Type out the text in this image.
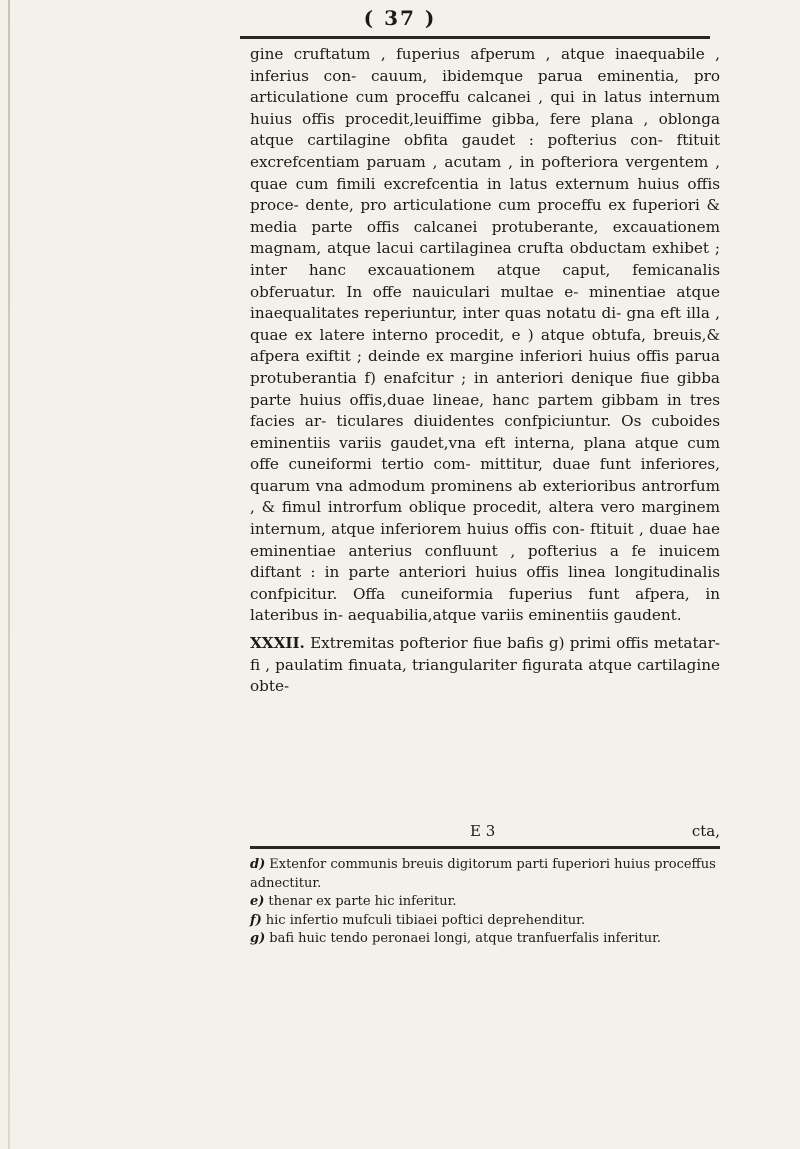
( 37 )

gine cruftatum , fuperius afperum , atque inaequabile , inferius con- cauum, ibidemque parua eminentia, pro articulatione cum proceffu calcanei , qui in latus internum huius offis procedit,leuiffime gibba, fere plana , oblonga atque cartilagine obfita gaudet : pofterius con- ftituit excrefcentiam paruam , acutam , in pofteriora vergentem , quae cum fimili excrefcentia in latus externum huius offis proce- dente, pro articulatione cum proceffu ex fuperiori & media parte offis calcanei protuberante, excauationem magnam, atque lacui cartilaginea crufta obductam exhibet ; inter hanc excauationem atque caput, femicanalis obferuatur. In offe nauiculari multae e- minentiae atque inaequalitates reperiuntur, inter quas notatu di- gna eft illa , quae ex latere interno procedit, e ) atque obtufa, breuis,& afpera exiftit ; deinde ex margine inferiori huius offis parua protuberantia f) enafcitur ; in anteriori denique fiue gibba parte huius offis,duae lineae, hanc partem gibbam in tres facies ar- ticulares diuidentes confpiciuntur. Os cuboides eminentiis variis gaudet,vna eft interna, plana atque cum offe cuneiformi tertio com- mittitur, duae funt inferiores, quarum vna admodum prominens ab exterioribus antrorfum , & fimul introrfum oblique procedit, altera vero marginem internum, atque inferiorem huius offis con- ftituit , duae hae eminentiae anterius confluunt , pofterius a fe inuicem diftant : in parte anteriori huius offis linea longitudinalis confpicitur. Offa cuneiformia fuperius funt afpera, in lateribus in- aequabilia,atque variis eminentiis gaudent.

XXXII. Extremitas pofterior fiue bafis g) primi offis metatar- fi , paulatim finuata, triangulariter figurata atque cartilagine obte-

E 3	cta,

d) Extenfor communis breuis digitorum parti fuperiori huius proceffus adnectitur.

e) thenar ex parte hic inferitur.

f) hic infertio mufculi tibiaei poftici deprehenditur.

g) bafi huic tendo peronaei longi, atque tranfuerfalis inferitur.
